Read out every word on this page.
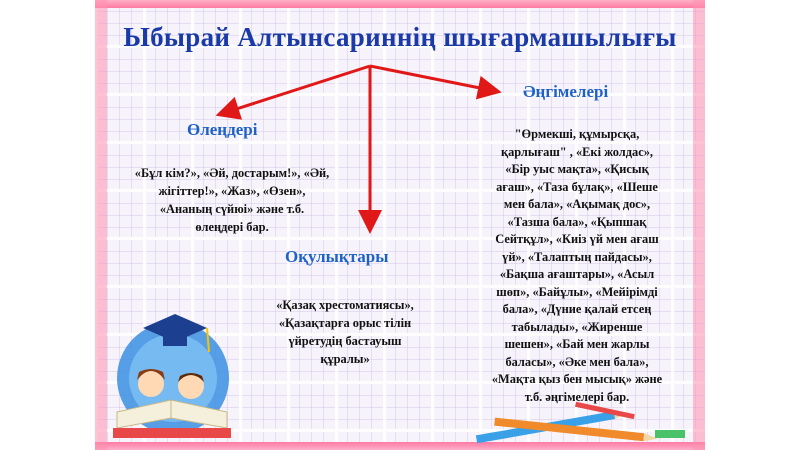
Ыбырай Алтынсариннің шығармашылығы
Өлеңдері
«Бұл кім?», «Әй, достарым!», «Әй,
жігіттер!», «Жаз», «Өзен»,
«Ананың сүйюі» және т.б.
өлеңдері бар.
Оқулықтары
«Қазақ хрестоматиясы»,
«Қазақтарға орыс тілін
үйретудің бастауыш
құралы»
Әңгімелері
"Өрмекші, құмырсқа,
қарлығаш" , «Екі жолдас»,
«Бір уыс мақта», «Қисық
ағаш», «Таза бұлақ», «Шеше
мен бала», «Ақымақ дос»,
«Тазша бала», «Қыпшақ
Сейтқұл», «Киіз үй мен ағаш
үй», «Талаптың пайдасы»,
«Бақша ағаштары», «Асыл
шөп», «Байұлы», «Мейірімді
бала», «Дүние қалай етсең
табылады», «Жиренше
шешен», «Бай мен жарлы
баласы», «Әке мен бала»,
«Мақта қыз бен мысық» және
т.б. әңгімелері бар.
